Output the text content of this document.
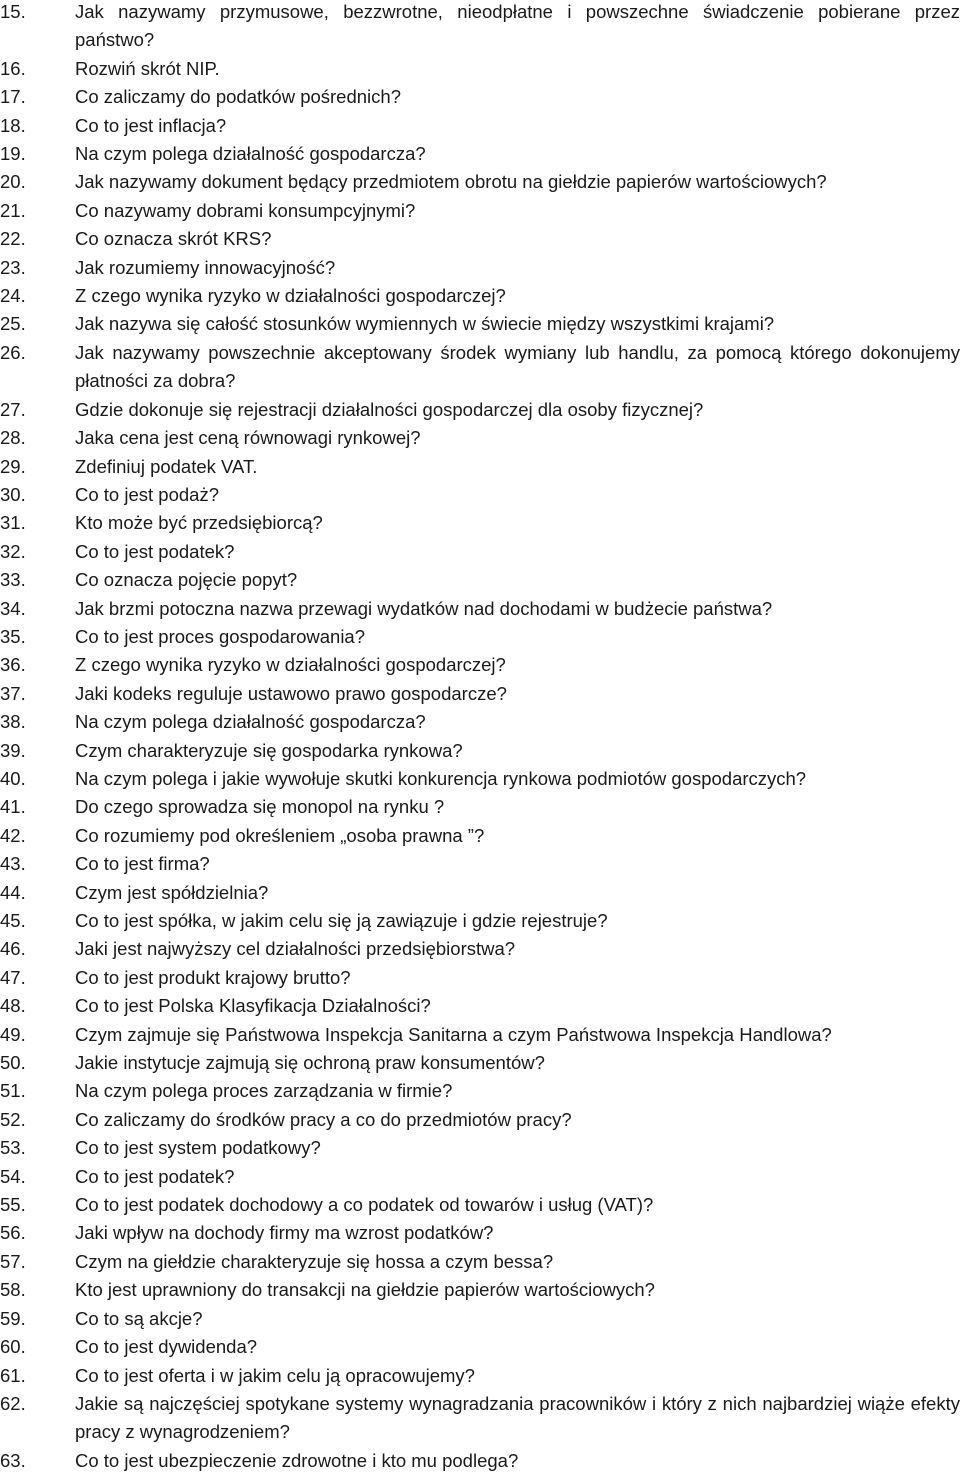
15.	Jak nazywamy przymusowe, bezzwrotne, nieodpłatne i powszechne świadczenie pobierane przez państwo?
16.	Rozwiń skrót NIP.
17.	Co zaliczamy do podatków pośrednich?
18.	Co to jest inflacja?
19.	Na czym polega działalność gospodarcza?
20.	Jak nazywamy dokument będący przedmiotem obrotu na giełdzie papierów wartościowych?
21.	Co nazywamy dobrami konsumpcyjnymi?
22.	Co oznacza skrót KRS?
23.	Jak rozumiemy innowacyjność?
24.	Z czego wynika ryzyko w działalności gospodarczej?
25.	Jak nazywa się całość stosunków wymiennych w świecie między wszystkimi krajami?
26.	Jak nazywamy powszechnie akceptowany środek wymiany lub handlu, za pomocą którego dokonujemy płatności za dobra?
27.	Gdzie dokonuje się rejestracji działalności gospodarczej dla osoby fizycznej?
28.	Jaka cena jest ceną równowagi rynkowej?
29.	Zdefiniuj podatek VAT.
30.	Co to jest podaż?
31.	Kto może być przedsiębiorcą?
32.	Co to jest podatek?
33.	Co oznacza pojęcie popyt?
34.	Jak brzmi potoczna nazwa przewagi wydatków nad dochodami w budżecie państwa?
35.	Co to jest proces gospodarowania?
36.	Z czego wynika ryzyko w działalności gospodarczej?
37.	Jaki kodeks reguluje ustawowo prawo gospodarcze?
38.	Na czym polega działalność gospodarcza?
39.	Czym charakteryzuje się gospodarka rynkowa?
40.	Na czym polega i jakie wywołuje skutki konkurencja rynkowa podmiotów gospodarczych?
41.	Do czego sprowadza się monopol na rynku ?
42.	Co rozumiemy pod określeniem „osoba prawna ”?
43.	Co to jest firma?
44.	Czym jest spółdzielnia?
45.	Co to jest spółka, w jakim celu się ją zawiązuje i gdzie rejestruje?
46.	Jaki jest najwyższy cel działalności przedsiębiorstwa?
47.	Co to jest produkt krajowy brutto?
48.	Co to jest Polska Klasyfikacja Działalności?
49.	Czym zajmuje się Państwowa Inspekcja Sanitarna a czym Państwowa Inspekcja Handlowa?
50.	Jakie instytucje zajmują się ochroną praw konsumentów?
51.	Na czym polega proces zarządzania w firmie?
52.	Co zaliczamy do środków pracy a co do przedmiotów pracy?
53.	Co to jest system podatkowy?
54.	Co to jest podatek?
55.	Co to jest podatek dochodowy a co podatek od towarów i usług (VAT)?
56.	Jaki wpływ na dochody firmy ma wzrost podatków?
57.	Czym na giełdzie charakteryzuje się hossa a czym bessa?
58.	Kto jest uprawniony do transakcji na giełdzie papierów wartościowych?
59.	Co to są akcje?
60.	Co to jest dywidenda?
61.	Co to jest oferta i w jakim celu ją opracowujemy?
62.	Jakie są najczęściej spotykane systemy wynagradzania pracowników i który z nich najbardziej wiąże efekty pracy z wynagrodzeniem?
63.	Co to jest ubezpieczenie zdrowotne i kto mu podlega?
